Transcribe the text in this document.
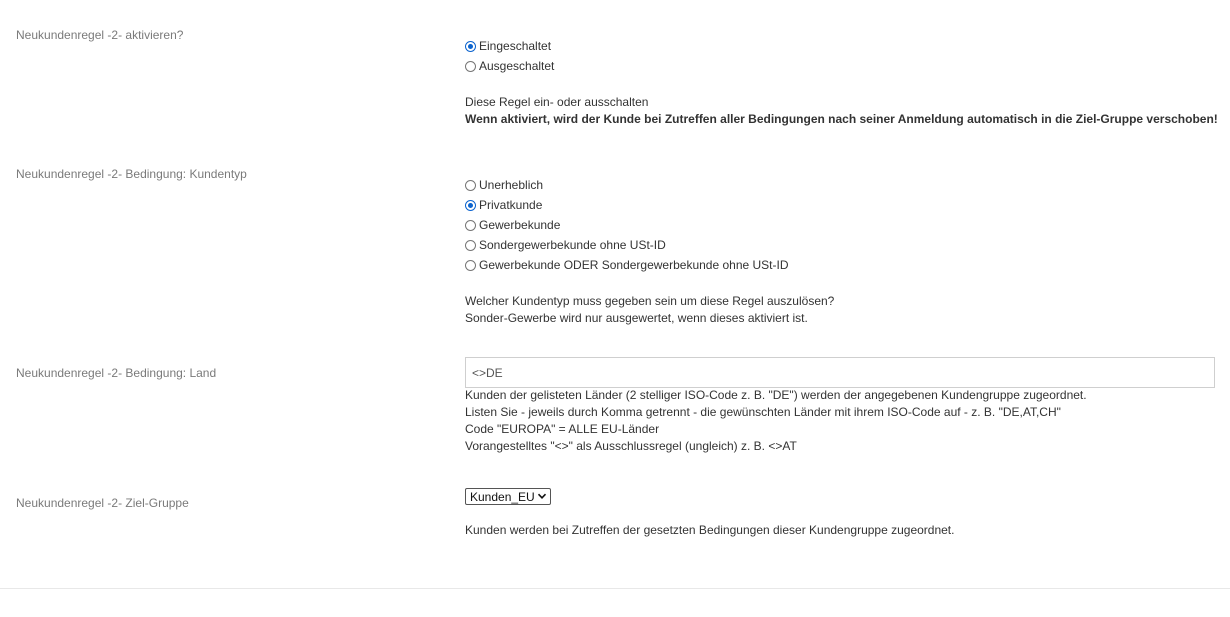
Neukundenregel -2- aktivieren?
Eingeschaltet
Ausgeschaltet
Diese Regel ein- oder ausschalten
Wenn aktiviert, wird der Kunde bei Zutreffen aller Bedingungen nach seiner Anmeldung automatisch in die Ziel-Gruppe verschoben!
Neukundenregel -2- Bedingung: Kundentyp
Unerheblich
Privatkunde
Gewerbekunde
Sondergewerbekunde ohne USt-ID
Gewerbekunde ODER Sondergewerbekunde ohne USt-ID
Welcher Kundentyp muss gegeben sein um diese Regel auszulösen?
Sonder-Gewerbe wird nur ausgewertet, wenn dieses aktiviert ist.
Neukundenregel -2- Bedingung: Land
<>DE
Kunden der gelisteten Länder (2 stelliger ISO-Code z. B. "DE") werden der angegebenen Kundengruppe zugeordnet.
Listen Sie - jeweils durch Komma getrennt - die gewünschten Länder mit ihrem ISO-Code auf - z. B. "DE,AT,CH"
Code "EUROPA" = ALLE EU-Länder
Vorangestelltes "<>" als Ausschlussregel (ungleich) z. B. <>AT
Neukundenregel -2- Ziel-Gruppe	Kunden_EU
Kunden werden bei Zutreffen der gesetzten Bedingungen dieser Kundengruppe zugeordnet.
